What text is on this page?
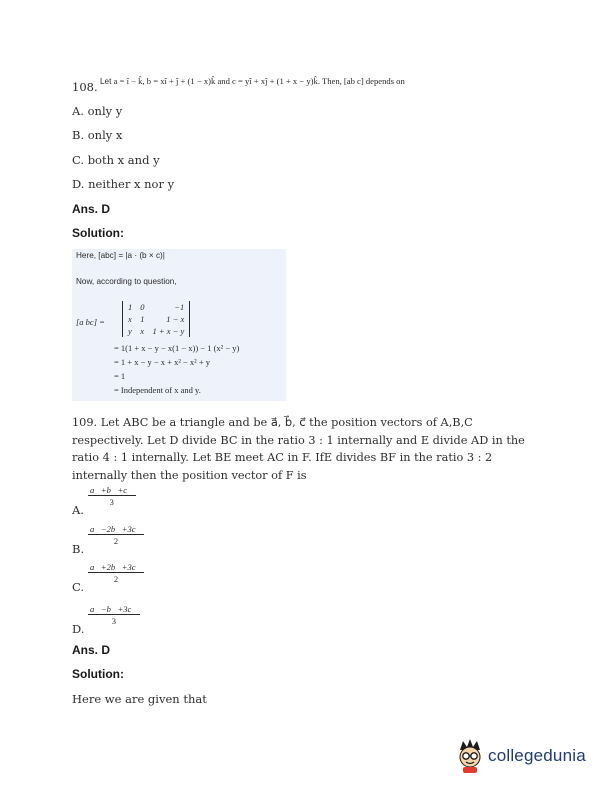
108. Let a = î − k̂, b = xî + ĵ + (1 − x)k̂ and c = yî + xĵ + (1 + x − y)k̂. Then, [ab c] depends on
A. only y
B. only x
C. both x and y
D. neither x nor y
Ans. D
Solution:
Here, [abc] = |a · (b × c)|
Now, according to question,
[a bc] =
1	0	−1
x	1	1 − x
y	x	1 + x − y
= 1(1 + x − y − x(1 − x)) − 1 (x² − y)
= 1 + x − y − x + x² − x² + y
= 1
= Independent of x and y.
109. Let ABC be a triangle and be a⃗, b⃗, c⃗ the position vectors of A,B,C respectively. Let D divide BC in the ratio 3 : 1 internally and E divide AD in the ratio 4 : 1 internally. Let BE meet AC in F. IfE divides BF in the ratio 3 : 2 internally then the position vector of F is
$\frac{a⃗+b⃗+c⃗}{3}$
A.
$\frac{a⃗-2b⃗+3c⃗}{2}$
B.
$\frac{a⃗+2b⃗+3c⃗}{2}$
C.
$\frac{a⃗-b⃗+3c⃗}{3}$
D.
Ans. D
Solution:
Here we are given that
collegedunia
